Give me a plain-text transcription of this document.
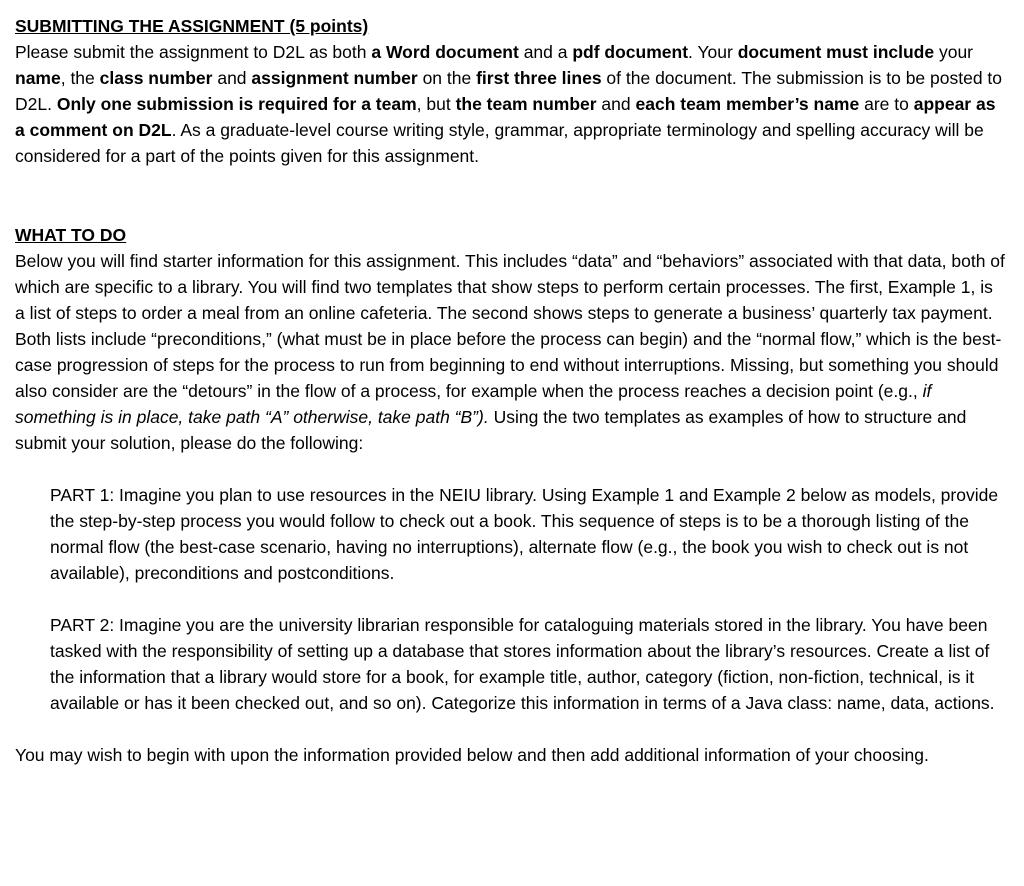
SUBMITTING THE ASSIGNMENT (5 points)

Please submit the assignment to D2L as both a Word document and a pdf document. Your document must include your name, the class number and assignment number on the first three lines of the document. The submission is to be posted to D2L. Only one submission is required for a team, but the team number and each team member’s name are to appear as a comment on D2L. As a graduate-level course writing style, grammar, appropriate terminology and spelling accuracy will be considered for a part of the points given for this assignment.

WHAT TO DO

Below you will find starter information for this assignment. This includes “data” and “behaviors” associated with that data, both of which are specific to a library. You will find two templates that show steps to perform certain processes. The first, Example 1, is a list of steps to order a meal from an online cafeteria. The second shows steps to generate a business’ quarterly tax payment. Both lists include “preconditions,” (what must be in place before the process can begin) and the “normal flow,” which is the best-case progression of steps for the process to run from beginning to end without interruptions. Missing, but something you should also consider are the “detours” in the flow of a process, for example when the process reaches a decision point (e.g., if something is in place, take path “A” otherwise, take path “B”). Using the two templates as examples of how to structure and submit your solution, please do the following:

PART 1: Imagine you plan to use resources in the NEIU library. Using Example 1 and Example 2 below as models, provide the step-by-step process you would follow to check out a book. This sequence of steps is to be a thorough listing of the normal flow (the best-case scenario, having no interruptions), alternate flow (e.g., the book you wish to check out is not available), preconditions and postconditions.

PART 2: Imagine you are the university librarian responsible for cataloguing materials stored in the library. You have been tasked with the responsibility of setting up a database that stores information about the library’s resources. Create a list of the information that a library would store for a book, for example title, author, category (fiction, non-fiction, technical, is it available or has it been checked out, and so on). Categorize this information in terms of a Java class: name, data, actions.

You may wish to begin with upon the information provided below and then add additional information of your choosing.
